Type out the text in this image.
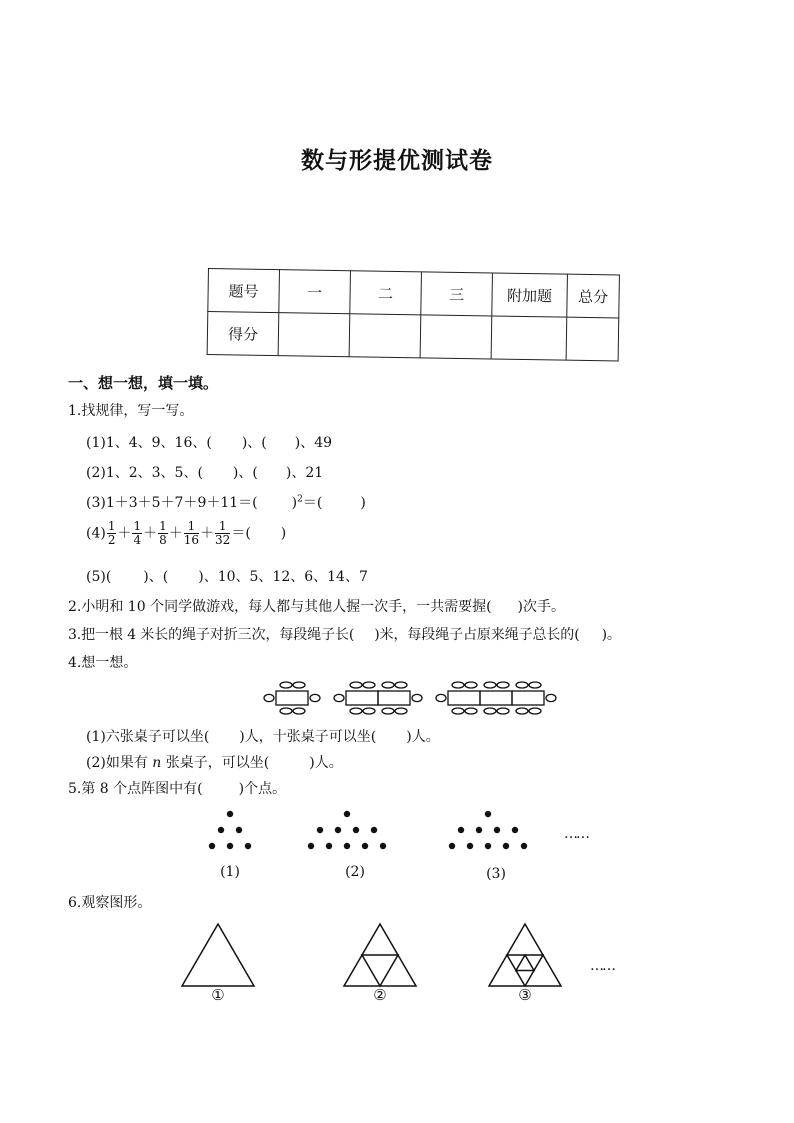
数与形提优测试卷
题号	一	二	三	附加题	总分
得分					
一、想一想，填一填。
1.找规律，写一写。
(1)1、4、9、16、( )、( )、49
(2)1、2、3、5、( )、( )、21
(3)1＋3＋5＋7＋9＋11＝( )$^2$＝(	)
$(4) \frac{1}{2} + \frac{1}{4} + \frac{1}{8} + \frac{1}{16} + \frac{1}{32}$ ＝( )
(5)( )、( )、10、5、12、6、14、7
2.小明和 10 个同学做游戏，每人都与其他人握一次手，一共需要握( )次手。
3.把一根 4 米长的绳子对折三次，每段绳子长( )米，每段绳子占原来绳子总长的( )。
4.想一想。
(1)六张桌子可以坐( )人，十张桌子可以坐( )人。
(2)如果有 n 张桌子，可以坐(	)人。
5.第 8 个点阵图中有(	)个点。
……
(1)	(2)	(3)
6.观察图形。
……
①	②	③
